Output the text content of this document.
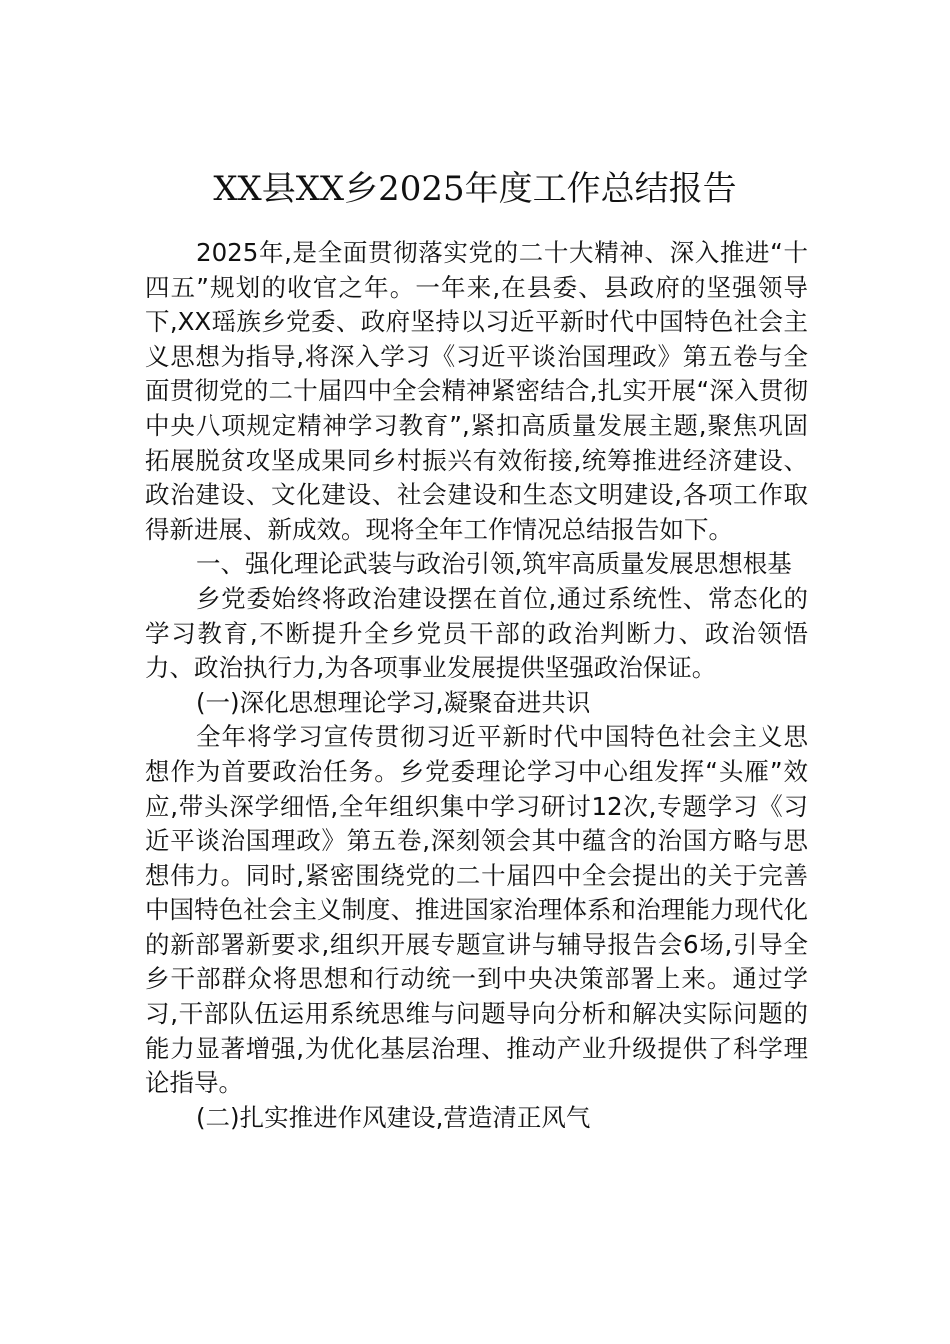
XX县XX乡2025年度工作总结报告

2025年,是全面贯彻落实党的二十大精神、深入推进“十四五”规划的收官之年。一年来,在县委、县政府的坚强领导下,XX瑶族乡党委、政府坚持以习近平新时代中国特色社会主义思想为指导,将深入学习《习近平谈治国理政》第五卷与全面贯彻党的二十届四中全会精神紧密结合,扎实开展“深入贯彻中央八项规定精神学习教育”,紧扣高质量发展主题,聚焦巩固拓展脱贫攻坚成果同乡村振兴有效衔接,统筹推进经济建设、政治建设、文化建设、社会建设和生态文明建设,各项工作取得新进展、新成效。现将全年工作情况总结报告如下。

一、强化理论武装与政治引领,筑牢高质量发展思想根基

乡党委始终将政治建设摆在首位,通过系统性、常态化的学习教育,不断提升全乡党员干部的政治判断力、政治领悟力、政治执行力,为各项事业发展提供坚强政治保证。

(一)深化思想理论学习,凝聚奋进共识

全年将学习宣传贯彻习近平新时代中国特色社会主义思想作为首要政治任务。乡党委理论学习中心组发挥“头雁”效应,带头深学细悟,全年组织集中学习研讨12次,专题学习《习近平谈治国理政》第五卷,深刻领会其中蕴含的治国方略与思想伟力。同时,紧密围绕党的二十届四中全会提出的关于完善中国特色社会主义制度、推进国家治理体系和治理能力现代化的新部署新要求,组织开展专题宣讲与辅导报告会6场,引导全乡干部群众将思想和行动统一到中央决策部署上来。通过学习,干部队伍运用系统思维与问题导向分析和解决实际问题的能力显著增强,为优化基层治理、推动产业升级提供了科学理论指导。

(二)扎实推进作风建设,营造清正风气
